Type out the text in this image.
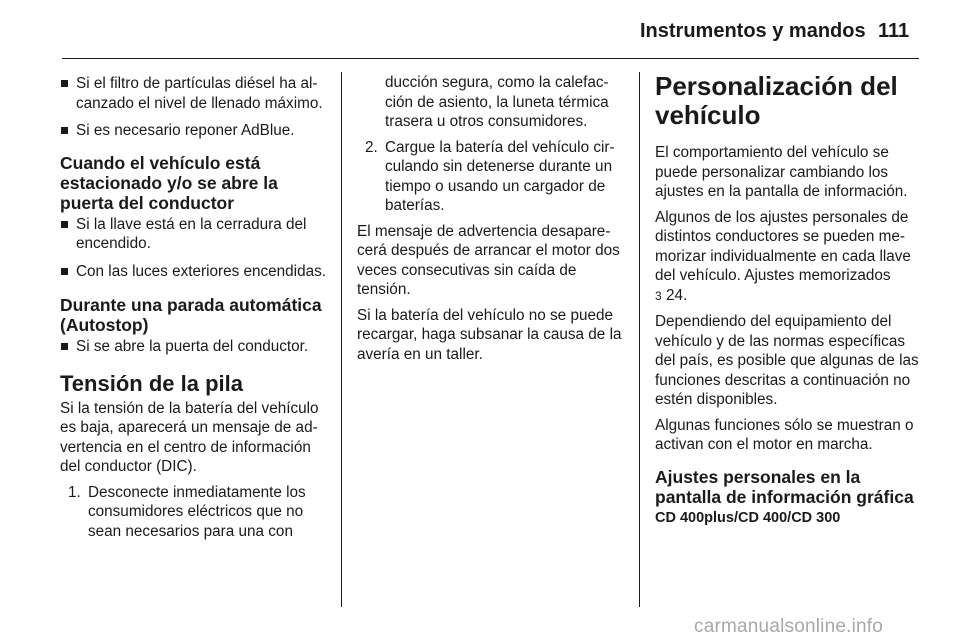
Instrumentos y mandos 111

Si el filtro de partículas diésel ha alcanzado el nivel de llenado máximo.

Si es necesario reponer AdBlue.

Cuando el vehículo está estacionado y/o se abre la puerta del conductor

Si la llave está en la cerradura del encendido.

Con las luces exteriores encendidas.

Durante una parada automática (Autostop)

Si se abre la puerta del conductor.

Tensión de la pila

Si la tensión de la batería del vehículo es baja, aparecerá un mensaje de advertencia en el centro de información del conductor (DIC).

1. Desconecte inmediatamente los consumidores eléctricos que no sean necesarios para una con

ducción segura, como la calefacción de asiento, la luneta térmica trasera u otros consumidores.

2. Cargue la batería del vehículo circulando sin detenerse durante un tiempo o usando un cargador de baterías.

El mensaje de advertencia desaparecerá después de arrancar el motor dos veces consecutivas sin caída de tensión.

Si la batería del vehículo no se puede recargar, haga subsanar la causa de la avería en un taller.

Personalización del vehículo

El comportamiento del vehículo se puede personalizar cambiando los ajustes en la pantalla de información.

Algunos de los ajustes personales de distintos conductores se pueden memorizar individualmente en cada llave del vehículo. Ajustes memorizados
3 24.

Dependiendo del equipamiento del vehículo y de las normas específicas del país, es posible que algunas de las funciones descritas a continuación no estén disponibles.

Algunas funciones sólo se muestran o activan con el motor en marcha.

Ajustes personales en la pantalla de información gráfica
CD 400plus/CD 400/CD 300
carmanualsonline.info
